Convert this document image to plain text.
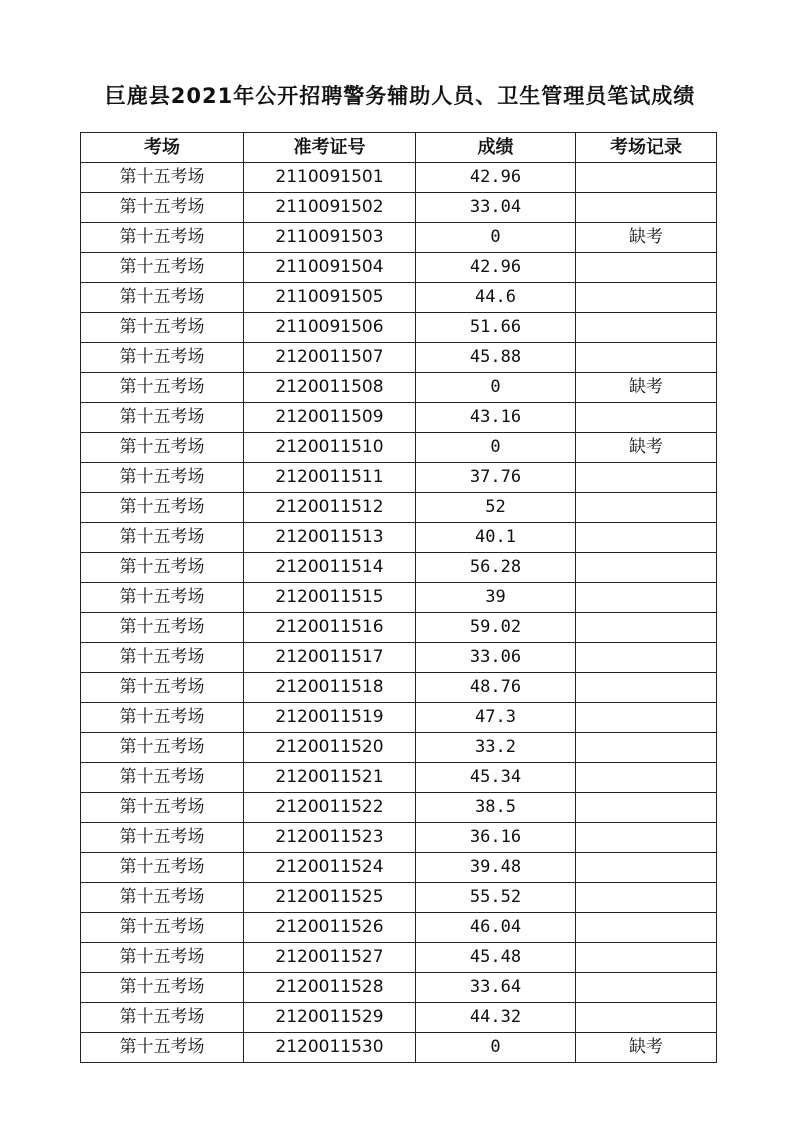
巨鹿县2021年公开招聘警务辅助人员、卫生管理员笔试成绩
考场	准考证号	成绩	考场记录
第十五考场	2110091501	42.96	
第十五考场	2110091502	33.04	
第十五考场	2110091503	0	缺考
第十五考场	2110091504	42.96	
第十五考场	2110091505	44.6	
第十五考场	2110091506	51.66	
第十五考场	2120011507	45.88	
第十五考场	2120011508	0	缺考
第十五考场	2120011509	43.16	
第十五考场	2120011510	0	缺考
第十五考场	2120011511	37.76	
第十五考场	2120011512	52	
第十五考场	2120011513	40.1	
第十五考场	2120011514	56.28	
第十五考场	2120011515	39	
第十五考场	2120011516	59.02	
第十五考场	2120011517	33.06	
第十五考场	2120011518	48.76	
第十五考场	2120011519	47.3	
第十五考场	2120011520	33.2	
第十五考场	2120011521	45.34	
第十五考场	2120011522	38.5	
第十五考场	2120011523	36.16	
第十五考场	2120011524	39.48	
第十五考场	2120011525	55.52	
第十五考场	2120011526	46.04	
第十五考场	2120011527	45.48	
第十五考场	2120011528	33.64	
第十五考场	2120011529	44.32	
第十五考场	2120011530	0	缺考
